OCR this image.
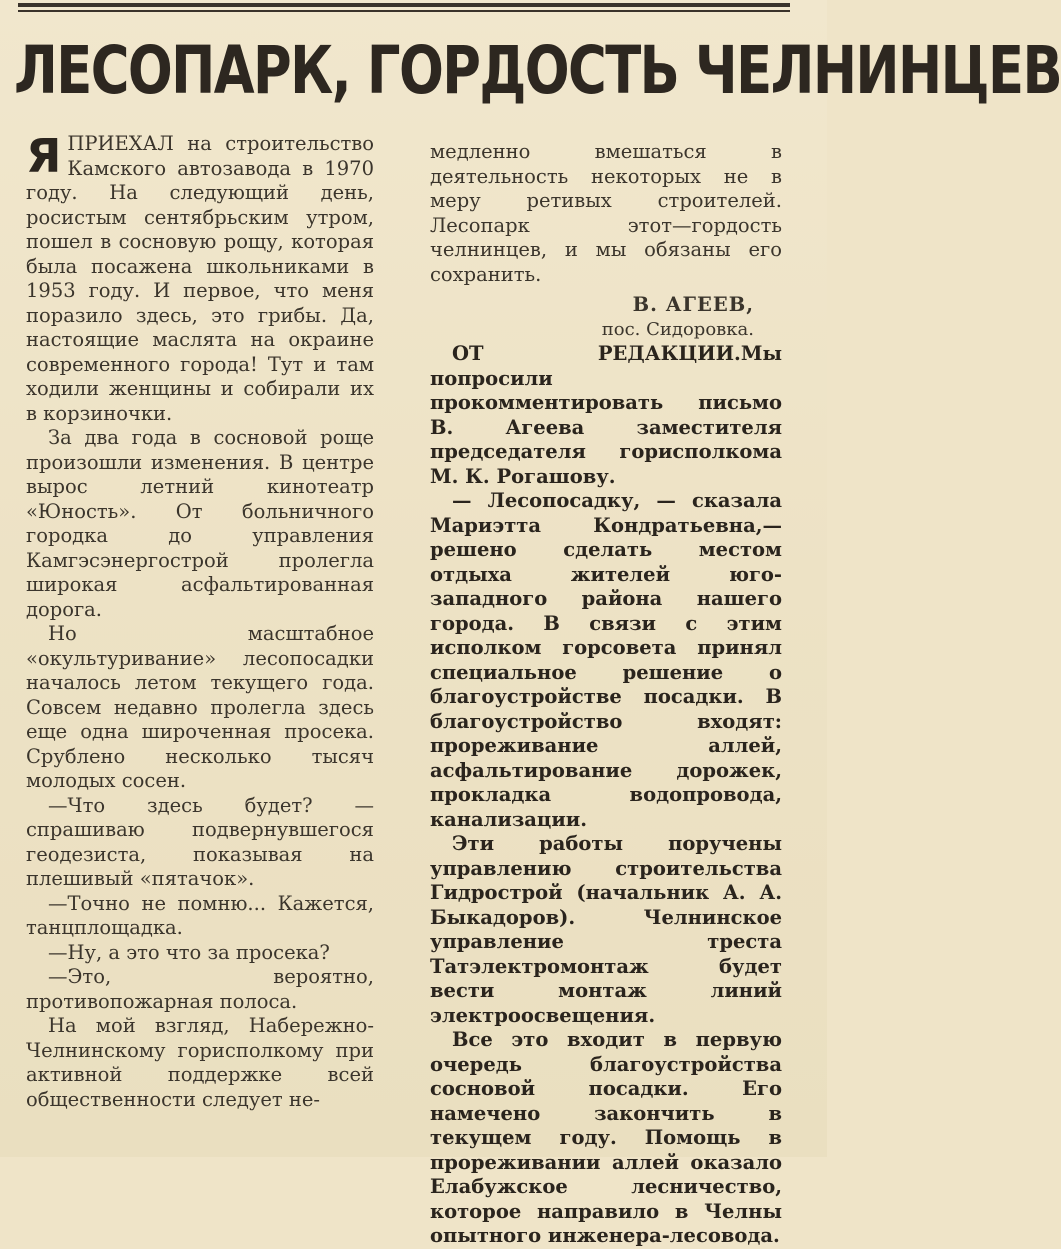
ЛЕСОПАРК, ГОРДОСТЬ ЧЕЛНИНЦЕВ

ЯПРИЕХАЛ на строительство Камского автозавода в 1970 году. На следующий день, росистым сентябрьским утром, пошел в сосновую рощу, которая была посажена школьниками в 1953 году. И первое, что меня поразило здесь, это грибы. Да, настоящие маслята на окраине современного города! Тут и там ходили женщины и собирали их в корзиночки.

За два года в сосновой роще произошли изменения. В центре вырос летний кинотеатр «Юность». От больничного городка до управления Камгэсэнергострой пролегла широкая асфальтированная дорога.

Но масштабное «окультуривание» лесопосадки началось летом текущего года. Совсем недавно пролегла здесь еще одна широченная просека. Срублено несколько тысяч молодых сосен.

—Что здесь будет? —спрашиваю подвернувшегося геодезиста, показывая на плешивый «пятачок».

—Точно не помню... Кажется, танцплощадка.

—Ну, а это что за просека?

—Это, вероятно, противопожарная полоса.

На мой взгляд, Набережно-Челнинскому горисполкому при активной поддержке всей общественности следует не-

медленно вмешаться в деятельность некоторых не в меру ретивых строителей. Лесопарк этот—гордость челнинцев, и мы обязаны его сохранить.

В. АГЕЕВ,
пос. Сидоровка.

ОТ РЕДАКЦИИ.Мы попросили прокомментировать письмо В. Агеева заместителя председателя горисполкома М. К. Рогашову.

— Лесопосадку, — сказала Мариэтта Кондратьевна,—решено сделать местом отдыха жителей юго-западного района нашего города. В связи с этим исполком горсовета принял специальное решение о благоустройстве посадки. В благоустройство входят: прореживание аллей, асфальтирование дорожек, прокладка водопровода, канализации.

Эти работы поручены управлению строительства Гидрострой (начальник А. А. Быкадоров). Челнинское управление треста Татэлектромонтаж будет вести монтаж линий электроосвещения.

Все это входит в первую очередь благоустройства сосновой посадки. Его намечено закончить в текущем году. Помощь в прореживании аллей оказало Елабужское лесничество, которое направило в Челны опытного инженера-лесовода.
